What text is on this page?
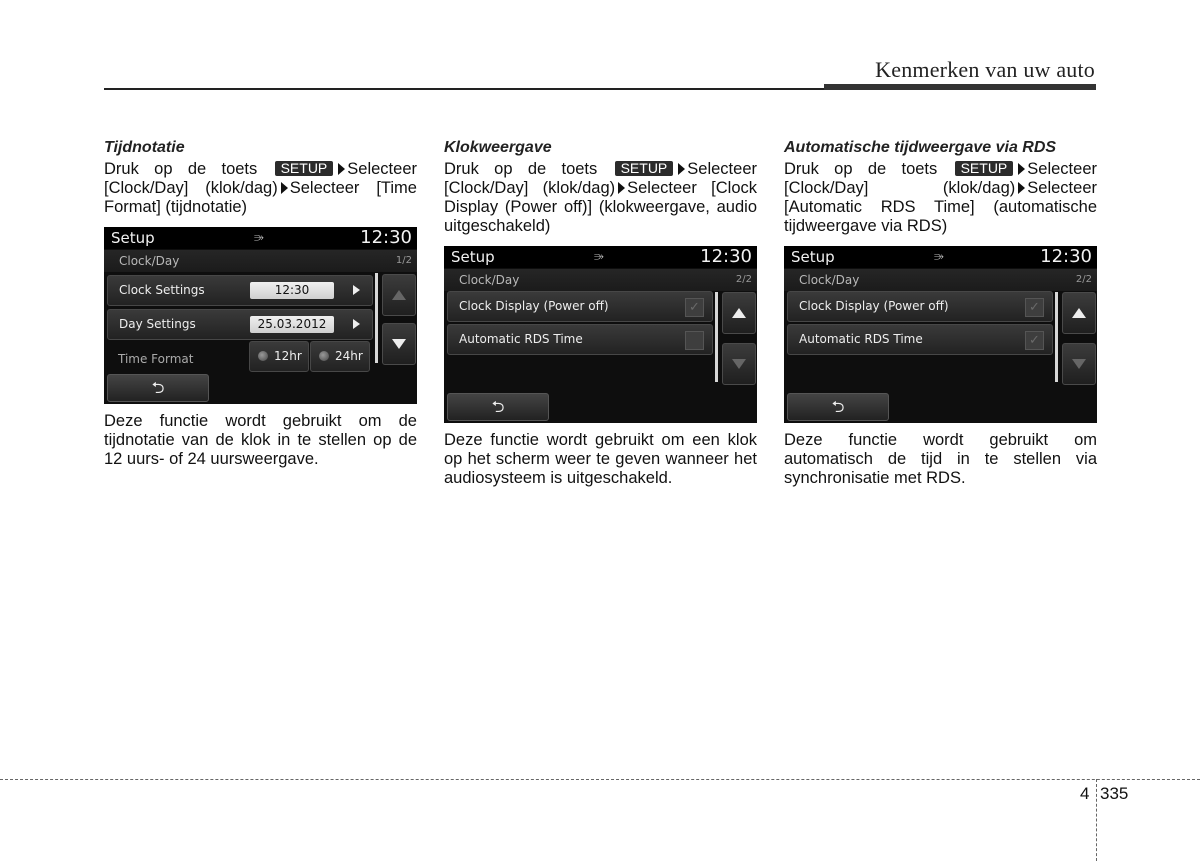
Kenmerken van uw auto

Tijdnotatie

Druk op de toets SETUP Selecteer [Clock/Day] (klok/dag) Selecteer [Time Format] (tijdnotatie)

Setup	⭄	12:30
Clock/Day	1/2
Clock Settings	12:30
Day Settings	25.03.2012
Time Format	12hr	24hr
⮌

Deze functie wordt gebruikt om de tijdnotatie van de klok in te stellen op de 12 uurs- of 24 uursweergave.

Klokweergave

Druk op de toets SETUP Selecteer [Clock/Day] (klok/dag) Selecteer [Clock Display (Power off)] (klokweergave, audio uitgeschakeld)

Setup	⭄	12:30
Clock/Day	2/2
Clock Display (Power off)	✓
Automatic RDS Time
⮌

Deze functie wordt gebruikt om een klok op het scherm weer te geven wanneer het audiosysteem is uitgeschakeld.

Automatische tijdweergave via RDS

Druk op de toets SETUP Selecteer [Clock/Day] (klok/dag) Selecteer [Automatic RDS Time] (automatische tijdweergave via RDS)

Setup	⭄	12:30
Clock/Day	2/2
Clock Display (Power off)	✓
Automatic RDS Time	✓
⮌

Deze functie wordt gebruikt om automatisch de tijd in te stellen via synchronisatie met RDS.

4 335
